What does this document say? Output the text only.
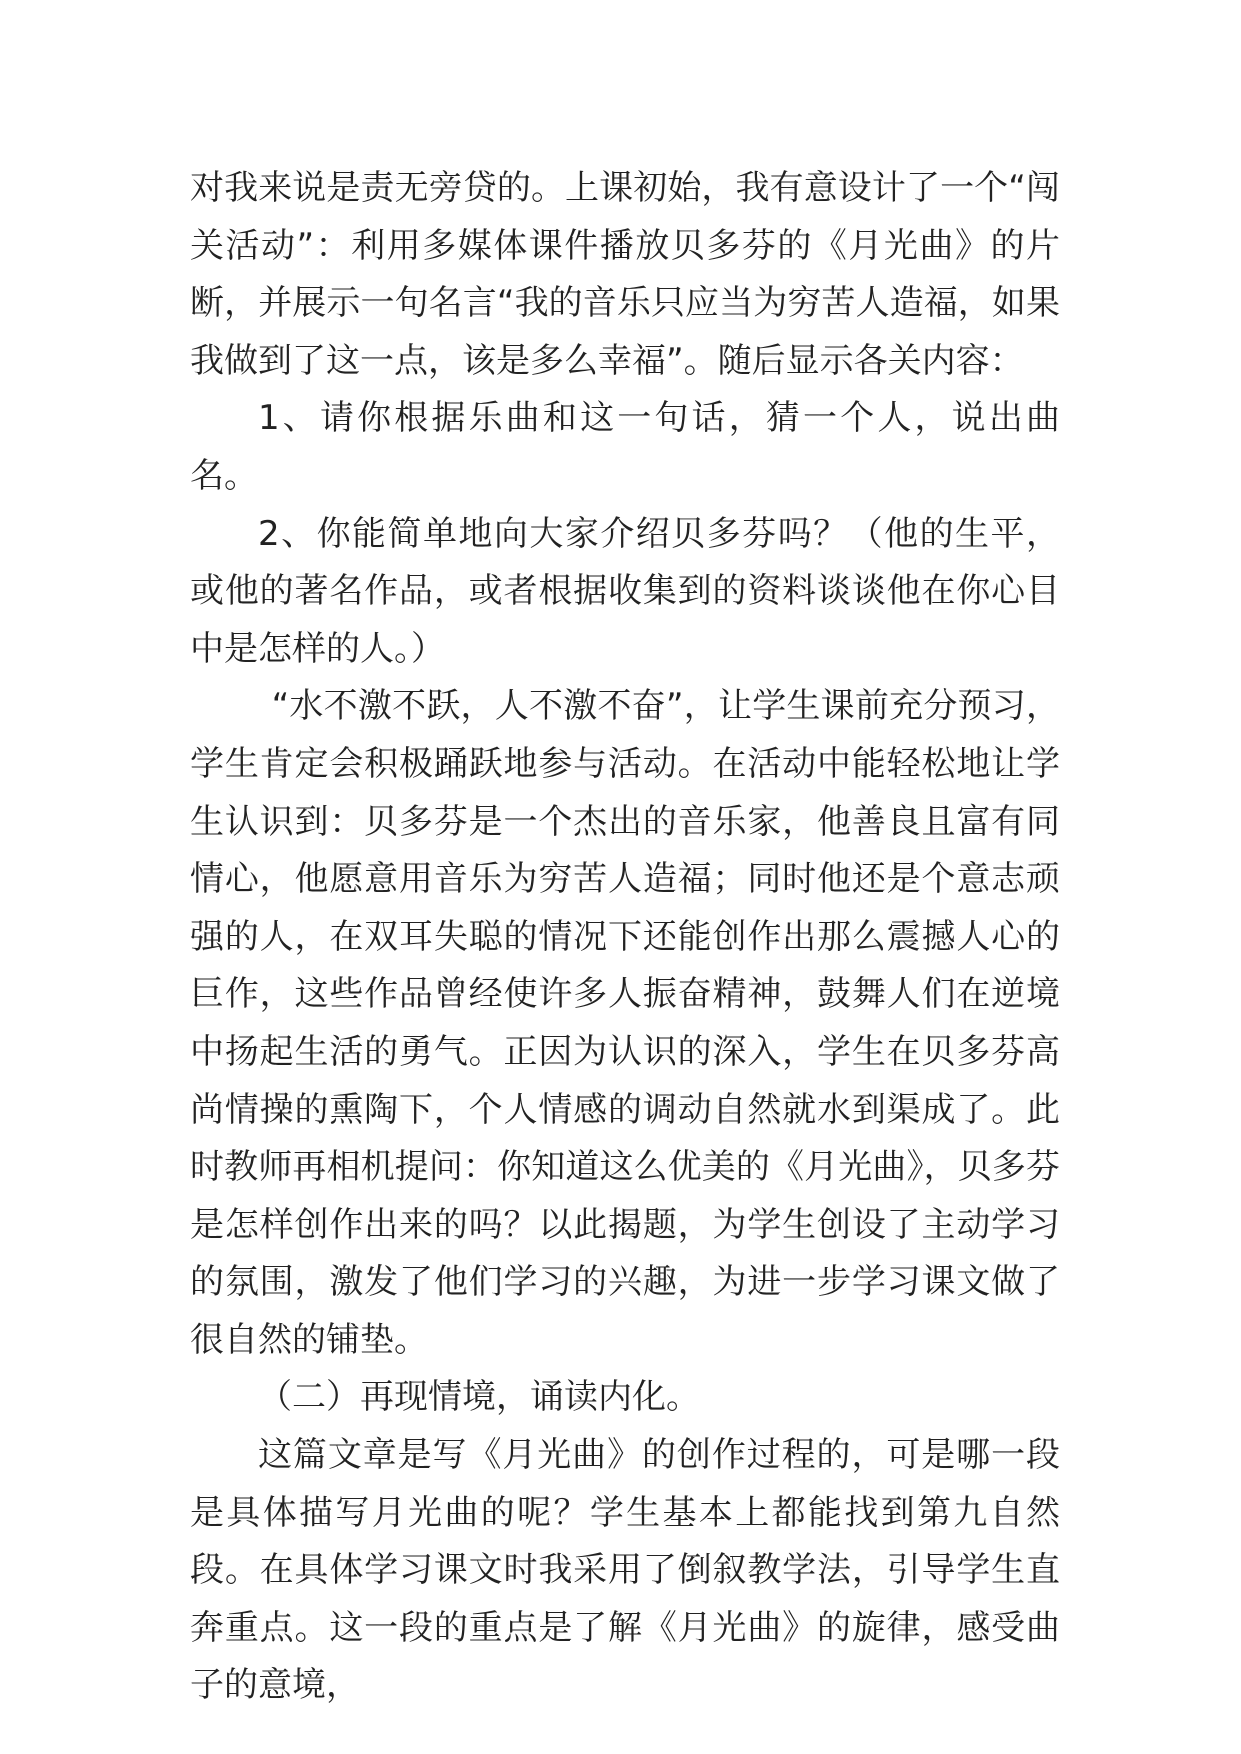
对我来说是责无旁贷的。上课初始，我有意设计了一个“闯关活动”：利用多媒体课件播放贝多芬的《月光曲》的片断，并展示一句名言“我的音乐只应当为穷苦人造福，如果我做到了这一点，该是多么幸福”。随后显示各关内容：

1、请你根据乐曲和这一句话，猜一个人，说出曲名。

2、你能简单地向大家介绍贝多芬吗？（他的生平，或他的著名作品，或者根据收集到的资料谈谈他在你心目中是怎样的人。）

“水不激不跃，人不激不奋”，让学生课前充分预习，学生肯定会积极踊跃地参与活动。在活动中能轻松地让学生认识到：贝多芬是一个杰出的音乐家，他善良且富有同情心，他愿意用音乐为穷苦人造福；同时他还是个意志顽强的人，在双耳失聪的情况下还能创作出那么震撼人心的巨作，这些作品曾经使许多人振奋精神，鼓舞人们在逆境中扬起生活的勇气。正因为认识的深入，学生在贝多芬高尚情操的熏陶下，个人情感的调动自然就水到渠成了。此时教师再相机提问：你知道这么优美的《月光曲》，贝多芬是怎样创作出来的吗？以此揭题，为学生创设了主动学习的氛围，激发了他们学习的兴趣，为进一步学习课文做了很自然的铺垫。

（二）再现情境，诵读内化。

这篇文章是写《月光曲》的创作过程的，可是哪一段是具体描写月光曲的呢？学生基本上都能找到第九自然段。在具体学习课文时我采用了倒叙教学法，引导学生直奔重点。这一段的重点是了解《月光曲》的旋律，感受曲子的意境，
